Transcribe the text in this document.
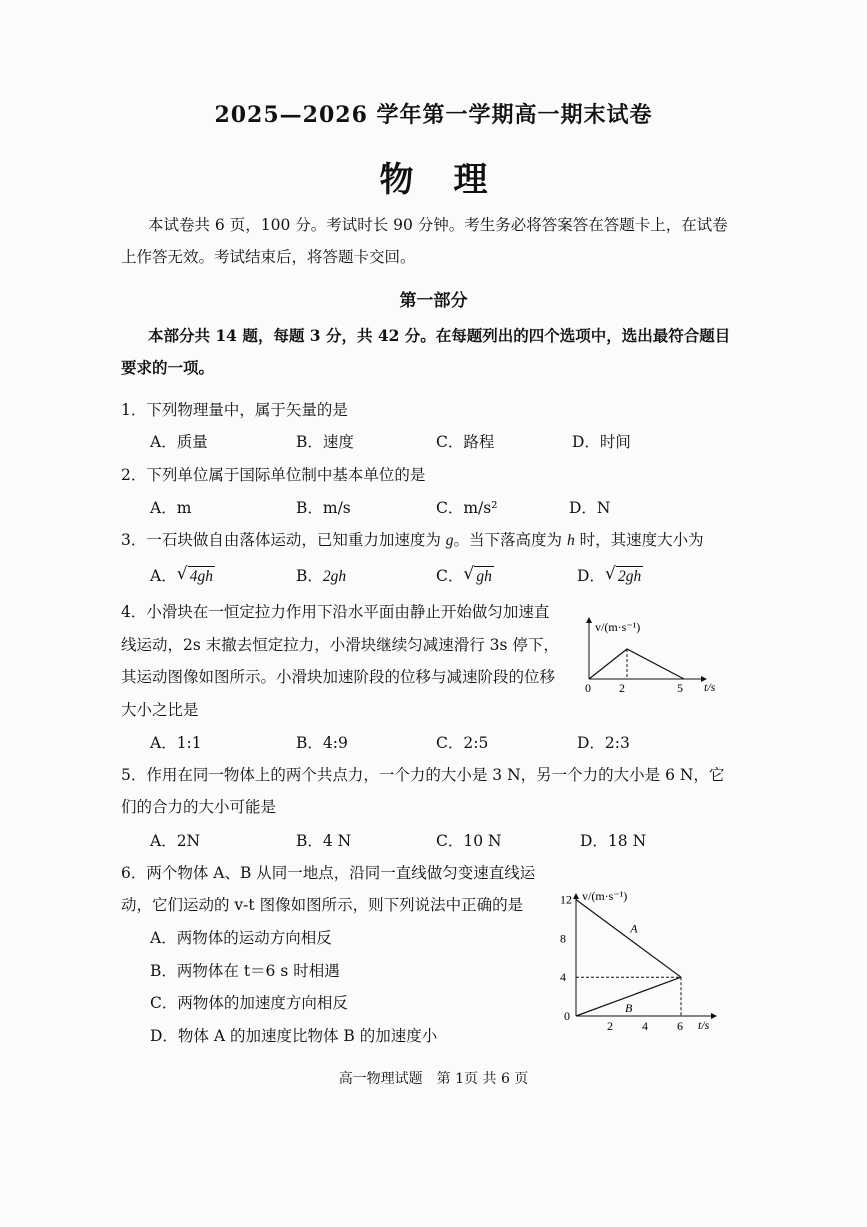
2025—2026 学年第一学期高一期末试卷
物理
本试卷共 6 页，100 分。考试时长 90 分钟。考生务必将答案答在答题卡上，在试卷
上作答无效。考试结束后，将答题卡交回。
第一部分
本部分共 14 题，每题 3 分，共 42 分。在每题列出的四个选项中，选出最符合题目
要求的一项。
1．下列物理量中，属于矢量的是
A．质量	B．速度	C．路程	D．时间
2．下列单位属于国际单位制中基本单位的是
A．m	B．m/s	C．m/s²	D．N
3．一石块做自由落体运动，已知重力加速度为 g。当下落高度为 h 时，其速度大小为
A． √ 4gh	B．2gh	C． √ gh	D． √ 2gh
4．小滑块在一恒定拉力作用下沿水平面由静止开始做匀加速直
线运动，2s 末撤去恒定拉力，小滑块继续匀减速滑行 3s 停下，
其运动图像如图所示。小滑块加速阶段的位移与减速阶段的位移
大小之比是
A．1:1	B．4:9	C．2:5	D．2:3
v/(m·s⁻¹)
t/s
0 2	5
5．作用在同一物体上的两个共点力，一个力的大小是 3 N，另一个力的大小是 6 N，它
们的合力的大小可能是
A．2N	B．4 N	C．10 N	D．18 N
6．两个物体 A、B 从同一地点，沿同一直线做匀变速直线运
动，它们运动的 v-t 图像如图所示，则下列说法中正确的是
A．两物体的运动方向相反
B．两物体在 t＝6 s 时相遇
C．两物体的加速度方向相反
D．物体 A 的加速度比物体 B 的加速度小
v/(m·s⁻¹)
t/s
12
8
4
0
2 4 6
A
B
高一物理试题　第 1页 共 6 页
